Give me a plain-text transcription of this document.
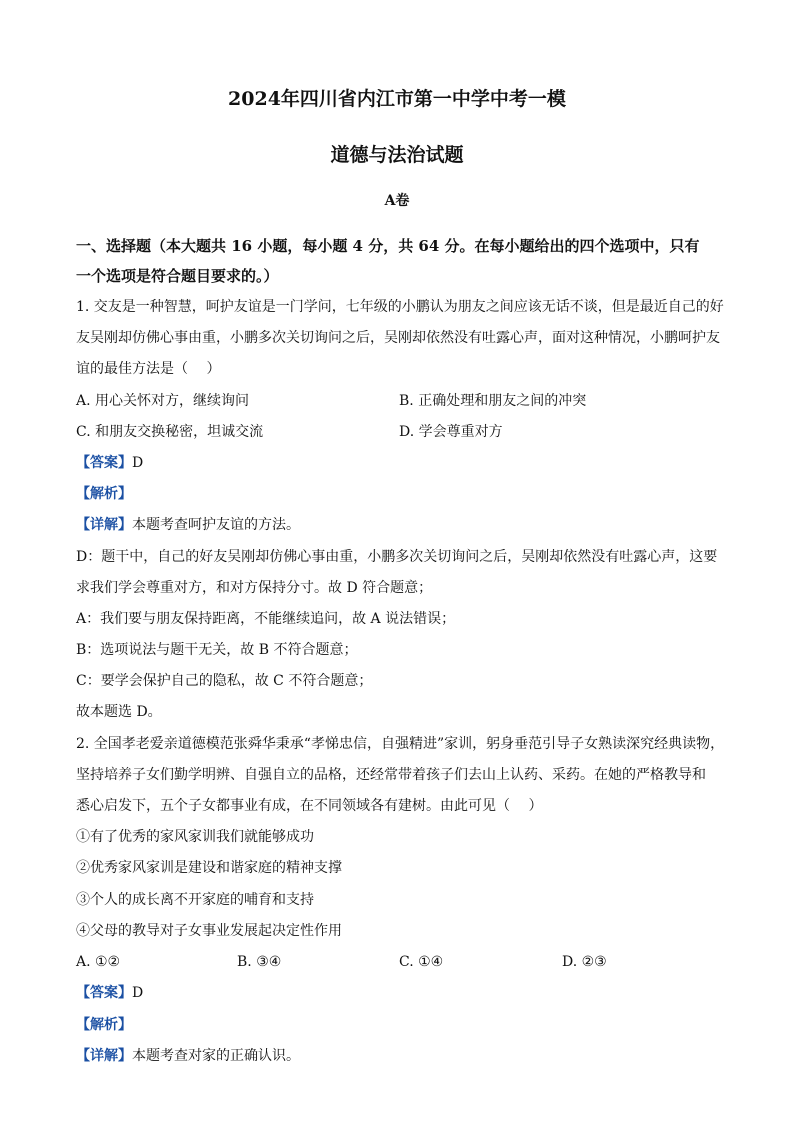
2024年四川省内江市第一中学中考一模
道德与法治试题
A卷
一、选择题（本大题共 16 小题，每小题 4 分，共 64 分。在每小题给出的四个选项中，只有
一个选项是符合题目要求的。）
1. 交友是一种智慧，呵护友谊是一门学问，七年级的小鹏认为朋友之间应该无话不谈，但是最近自己的好
友吴刚却仿佛心事由重，小鹏多次关切询问之后，吴刚却依然没有吐露心声，面对这种情况，小鹏呵护友
谊的最佳方法是（　 ）
A. 用心关怀对方，继续询问	B. 正确处理和朋友之间的冲突
C. 和朋友交换秘密，坦诚交流	D. 学会尊重对方
【答案】D
【解析】
【详解】本题考查呵护友谊的方法。
D：题干中，自己的好友吴刚却仿佛心事由重，小鹏多次关切询问之后，吴刚却依然没有吐露心声，这要
求我们学会尊重对方，和对方保持分寸。故 D 符合题意；
A：我们要与朋友保持距离，不能继续追问，故 A 说法错误；
B：选项说法与题干无关，故 B 不符合题意；
C：要学会保护自己的隐私，故 C 不符合题意；
故本题选 D。
2. 全国孝老爱亲道德模范张舜华秉承“孝悌忠信，自强精进”家训，躬身垂范引导子女熟读深究经典读物，
坚持培养子女们勤学明辨、自强自立的品格，还经常带着孩子们去山上认药、采药。在她的严格教导和
悉心启发下，五个子女都事业有成，在不同领域各有建树。由此可见（　 ）
①有了优秀的家风家训我们就能够成功
②优秀家风家训是建设和谐家庭的精神支撑
③个人的成长离不开家庭的哺育和支持
④父母的教导对子女事业发展起决定性作用
A. ①②	B. ③④	C. ①④	D. ②③
【答案】D
【解析】
【详解】本题考查对家的正确认识。
